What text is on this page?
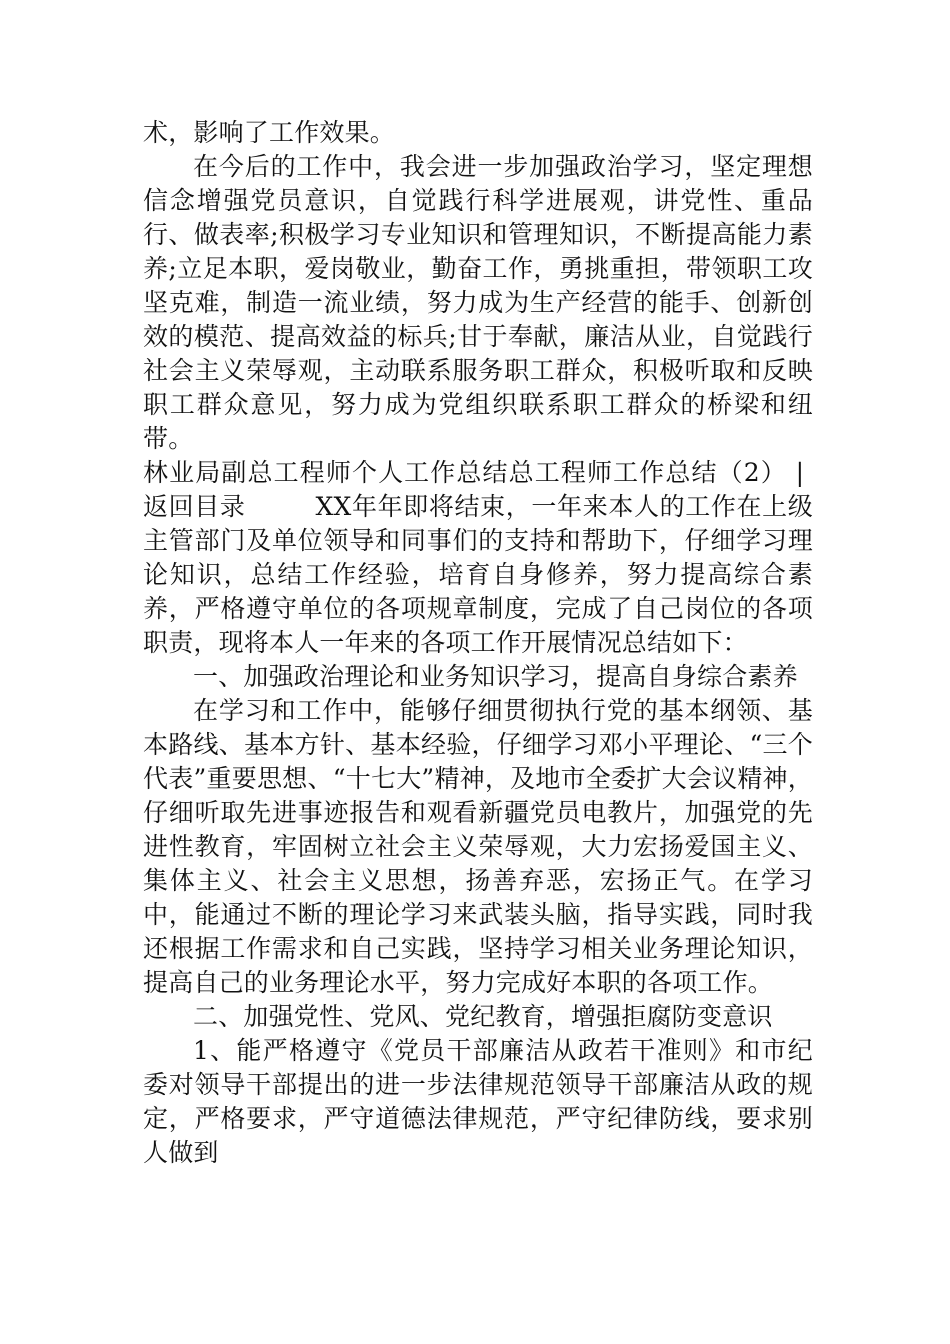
术，影响了工作效果。

在今后的工作中，我会进一步加强政治学习，坚定理想信念增强党员意识，自觉践行科学进展观，讲党性、重品行、做表率;积极学习专业知识和管理知识，不断提高能力素养;立足本职，爱岗敬业，勤奋工作，勇挑重担，带领职工攻坚克难，制造一流业绩，努力成为生产经营的能手、创新创效的模范、提高效益的标兵;甘于奉献，廉洁从业，自觉践行社会主义荣辱观，主动联系服务职工群众，积极听取和反映职工群众意见，努力成为党组织联系职工群众的桥梁和纽带。

林业局副总工程师个人工作总结总工程师工作总结（2） |返回目录	XX年年即将结束，一年来本人的工作在上级主管部门及单位领导和同事们的支持和帮助下，仔细学习理论知识，总结工作经验，培育自身修养，努力提高综合素养，严格遵守单位的各项规章制度，完成了自己岗位的各项职责，现将本人一年来的各项工作开展情况总结如下：

一、加强政治理论和业务知识学习，提高自身综合素养

在学习和工作中，能够仔细贯彻执行党的基本纲领、基本路线、基本方针、基本经验，仔细学习邓小平理论、“三个代表”重要思想、“十七大”精神，及地市全委扩大会议精神，仔细听取先进事迹报告和观看新疆党员电教片，加强党的先进性教育，牢固树立社会主义荣辱观，大力宏扬爱国主义、集体主义、社会主义思想，扬善弃恶，宏扬正气。在学习中，能通过不断的理论学习来武装头脑，指导实践，同时我还根据工作需求和自己实践，坚持学习相关业务理论知识，提高自己的业务理论水平，努力完成好本职的各项工作。

二、加强党性、党风、党纪教育，增强拒腐防变意识

1、能严格遵守《党员干部廉洁从政若干准则》和市纪委对领导干部提出的进一步法律规范领导干部廉洁从政的规定，严格要求，严守道德法律规范，严守纪律防线，要求别人做到
